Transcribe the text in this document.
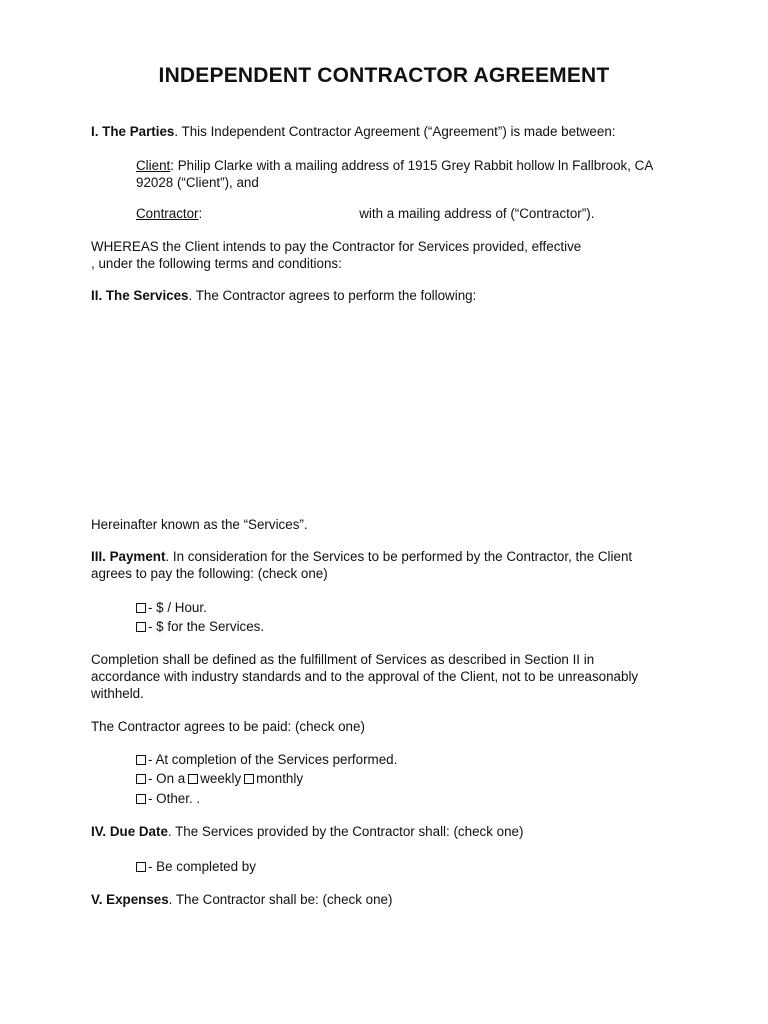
INDEPENDENT CONTRACTOR AGREEMENT
I. The Parties. This Independent Contractor Agreement (“Agreement”) is made between:
Client: Philip Clarke with a mailing address of 1915 Grey Rabbit hollow ln Fallbrook, CA
92028 (“Client”), and
Contractor:	with a mailing address of (“Contractor”).
WHEREAS the Client intends to pay the Contractor for Services provided, effective
, under the following terms and conditions:
II. The Services. The Contractor agrees to perform the following:
Hereinafter known as the “Services”.
III. Payment. In consideration for the Services to be performed by the Contractor, the Client
agrees to pay the following: (check one)
- $ / Hour.
- $ for the Services.
Completion shall be defined as the fulfillment of Services as described in Section II in
accordance with industry standards and to the approval of the Client, not to be unreasonably
withheld.
The Contractor agrees to be paid: (check one)
- At completion of the Services performed.
- On a weekly monthly
- Other. .
IV. Due Date. The Services provided by the Contractor shall: (check one)
- Be completed by
V. Expenses. The Contractor shall be: (check one)
